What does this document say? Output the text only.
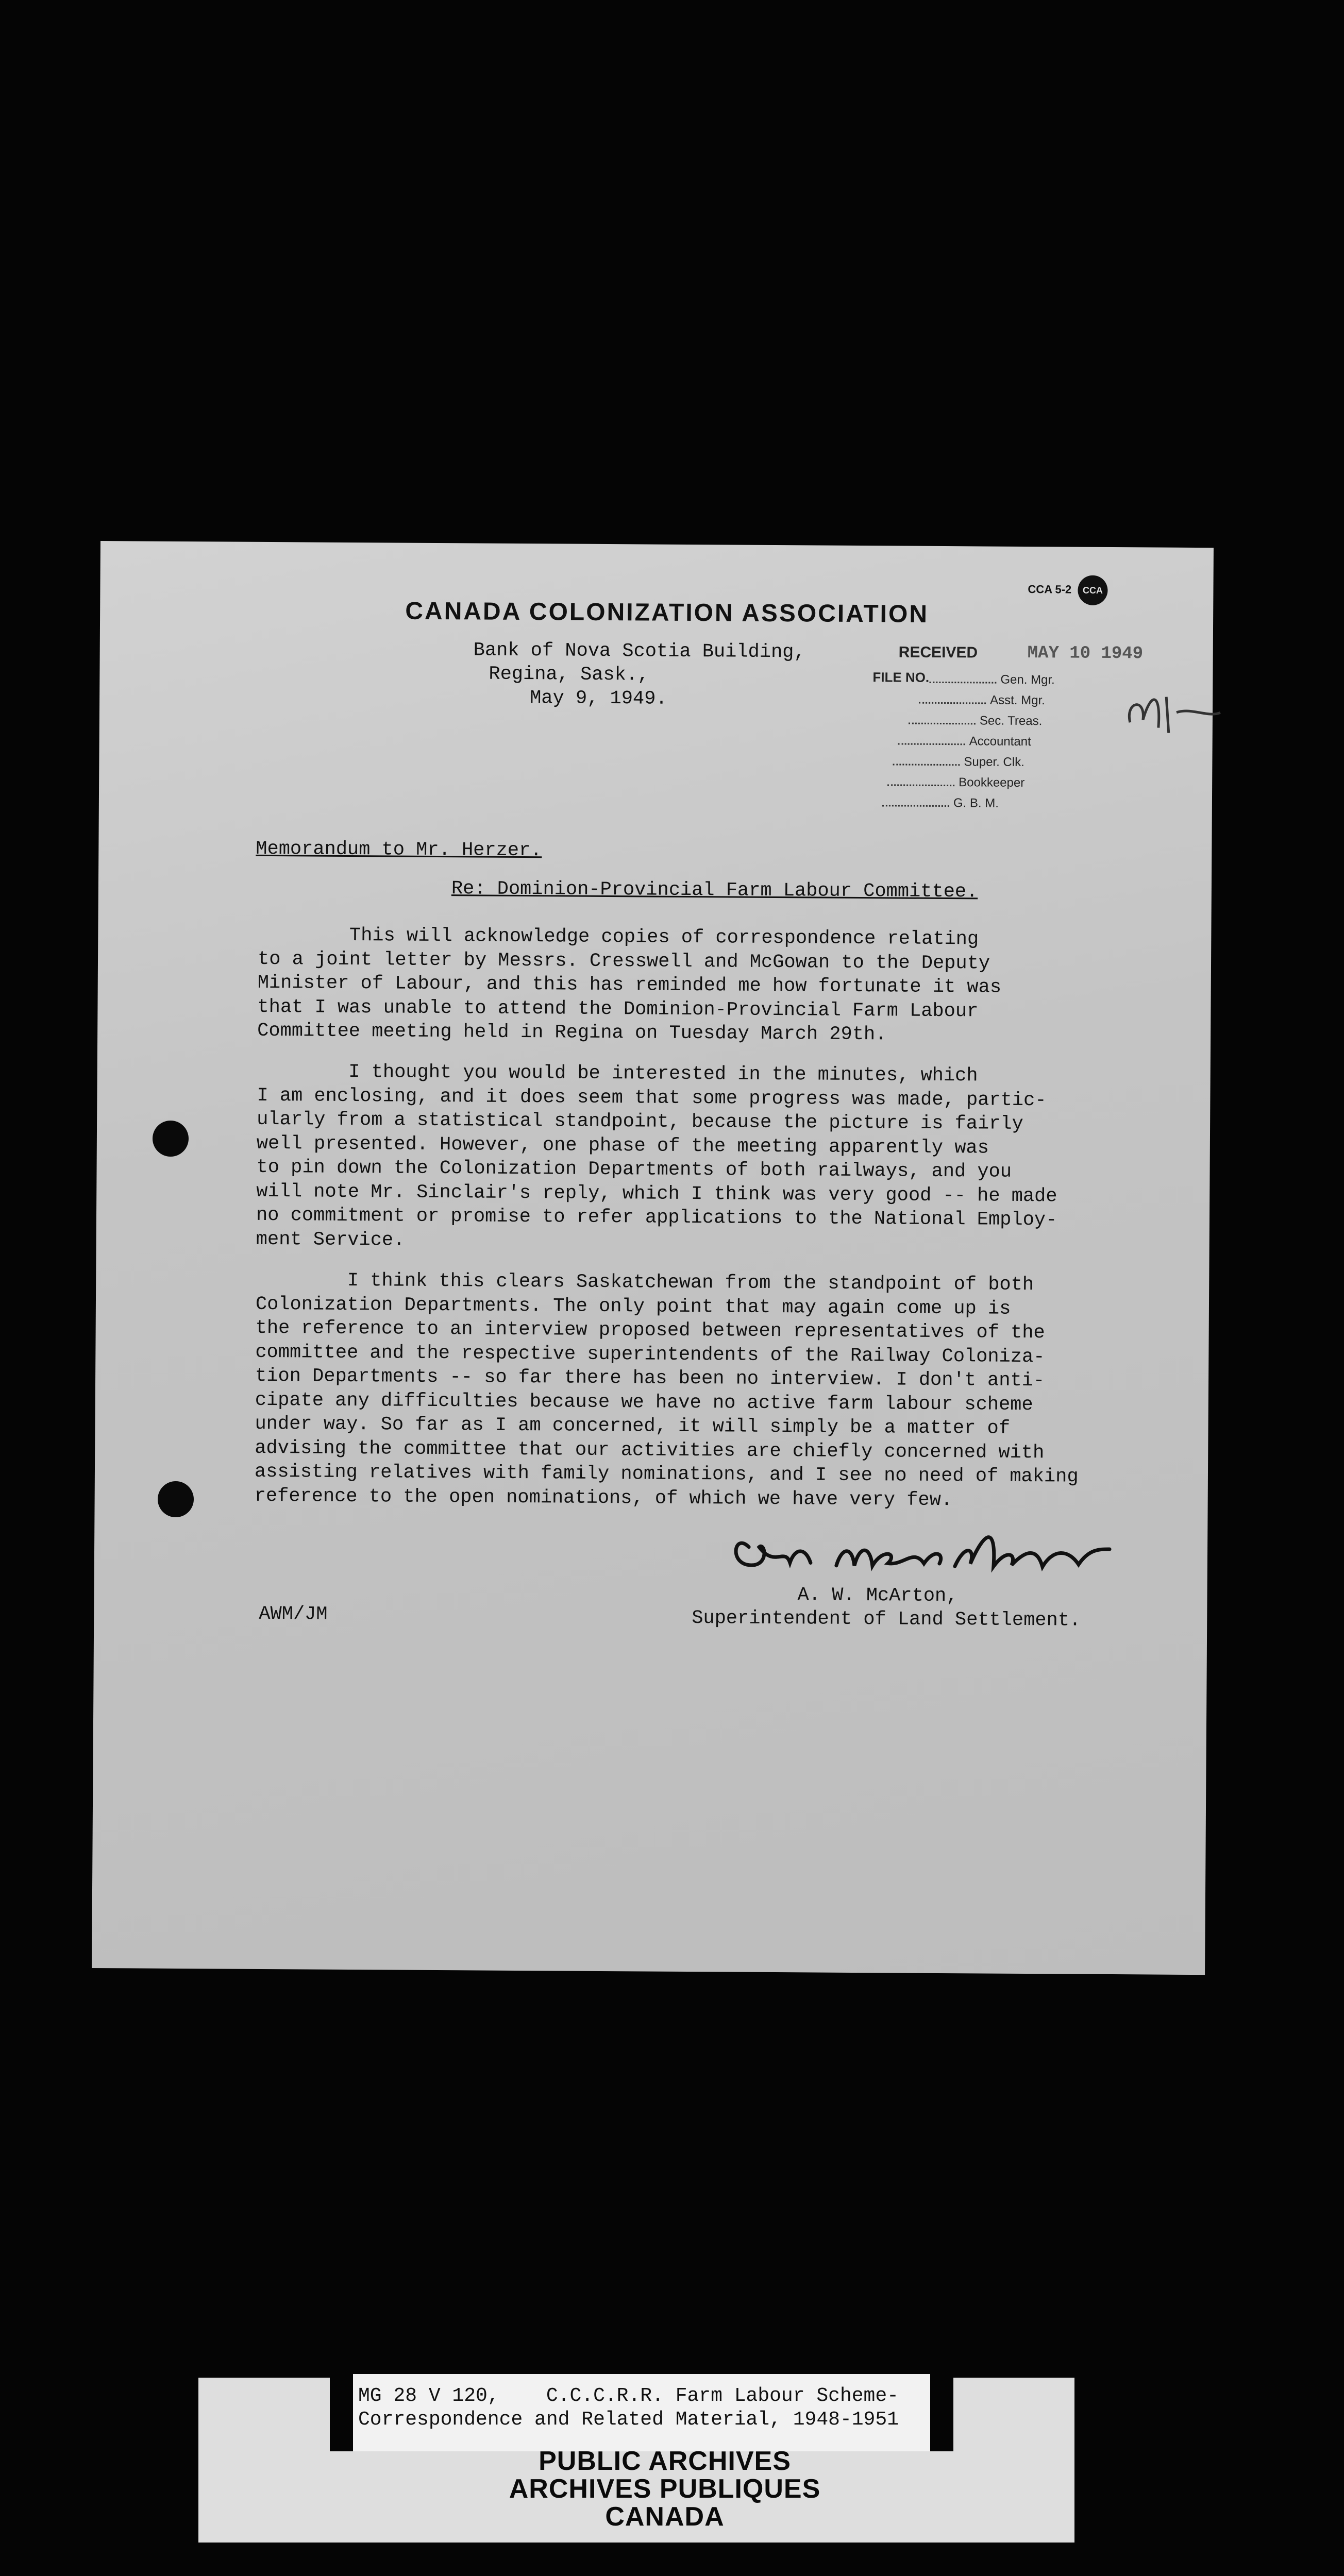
CANADA COLONIZATION ASSOCIATION
CCA 5-2	CCA
Bank of Nova Scotia Building,
Regina, Sask.,
May 9, 1949.
RECEIVED	MAY 10 1949
FILE NO.	Gen. Mgr.
Asst. Mgr.
Sec. Treas.
Accountant
Super. Clk.
Bookkeeper
G. B. M.
Memorandum to Mr. Herzer.
Re: Dominion-Provincial Farm Labour Committee.
This will acknowledge copies of correspondence relating
to a joint letter by Messrs. Cresswell and McGowan to the Deputy
Minister of Labour, and this has reminded me how fortunate it was
that I was unable to attend the Dominion-Provincial Farm Labour
Committee meeting held in Regina on Tuesday March 29th.
I thought you would be interested in the minutes, which
I am enclosing, and it does seem that some progress was made, partic-
ularly from a statistical standpoint, because the picture is fairly
well presented. However, one phase of the meeting apparently was
to pin down the Colonization Departments of both railways, and you
will note Mr. Sinclair's reply, which I think was very good -- he made
no commitment or promise to refer applications to the National Employ-
ment Service.
I think this clears Saskatchewan from the standpoint of both
Colonization Departments. The only point that may again come up is
the reference to an interview proposed between representatives of the
committee and the respective superintendents of the Railway Coloniza-
tion Departments -- so far there has been no interview. I don't anti-
cipate any difficulties because we have no active farm labour scheme
under way. So far as I am concerned, it will simply be a matter of
advising the committee that our activities are chiefly concerned with
assisting relatives with family nominations, and I see no need of making
reference to the open nominations, of which we have very few.
A. W. McArton,
Superintendent of Land Settlement.
AWM/JM
MG 28 V 120,    C.C.C.R.R. Farm Labour Scheme-
Correspondence and Related Material, 1948-1951
PUBLIC ARCHIVES
ARCHIVES PUBLIQUES
CANADA
